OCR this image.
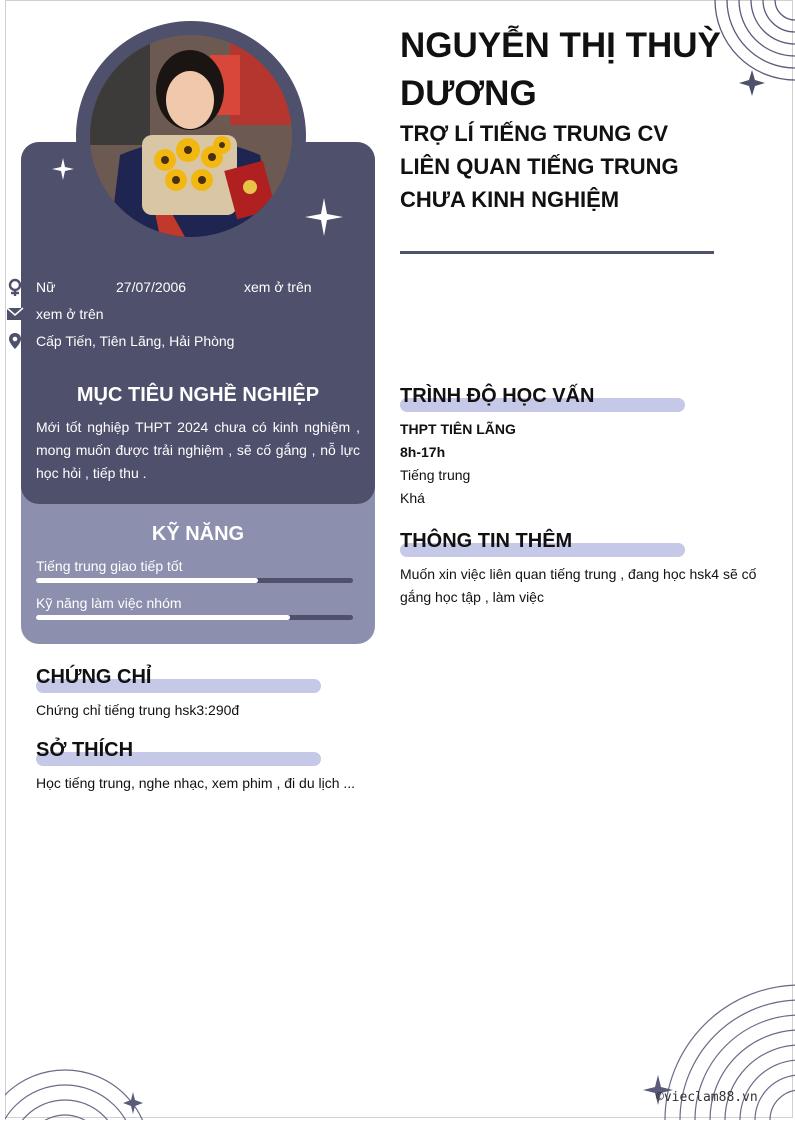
Nữ	27/07/2006	xem ở trên
xem ở trên
Cấp Tiến, Tiên Lãng, Hải Phòng
MỤC TIÊU NGHỀ NGHIỆP
Mới tốt nghiệp THPT 2024 chưa có kinh nghiệm , mong muốn được trải nghiệm , sẽ cố gắng , nỗ lực học hỏi , tiếp thu .
KỸ NĂNG
Tiếng trung giao tiếp tốt
Kỹ năng làm việc nhóm
CHỨNG CHỈ
Chứng chỉ tiếng trung hsk3:290đ
SỞ THÍCH
Học tiếng trung, nghe nhạc, xem phim , đi du lịch ...
NGUYỄN THỊ THUỲ DƯƠNG
TRỢ LÍ TIẾNG TRUNG CV LIÊN QUAN TIẾNG TRUNG CHƯA KINH NGHIỆM
TRÌNH ĐỘ HỌC VẤN
THPT TIÊN LÃNG
8h-17h
Tiếng trung
Khá
THÔNG TIN THÊM
Muốn xin việc liên quan tiếng trung , đang học hsk4 sẽ cố gắng học tập , làm việc
©vieclam88.vn
